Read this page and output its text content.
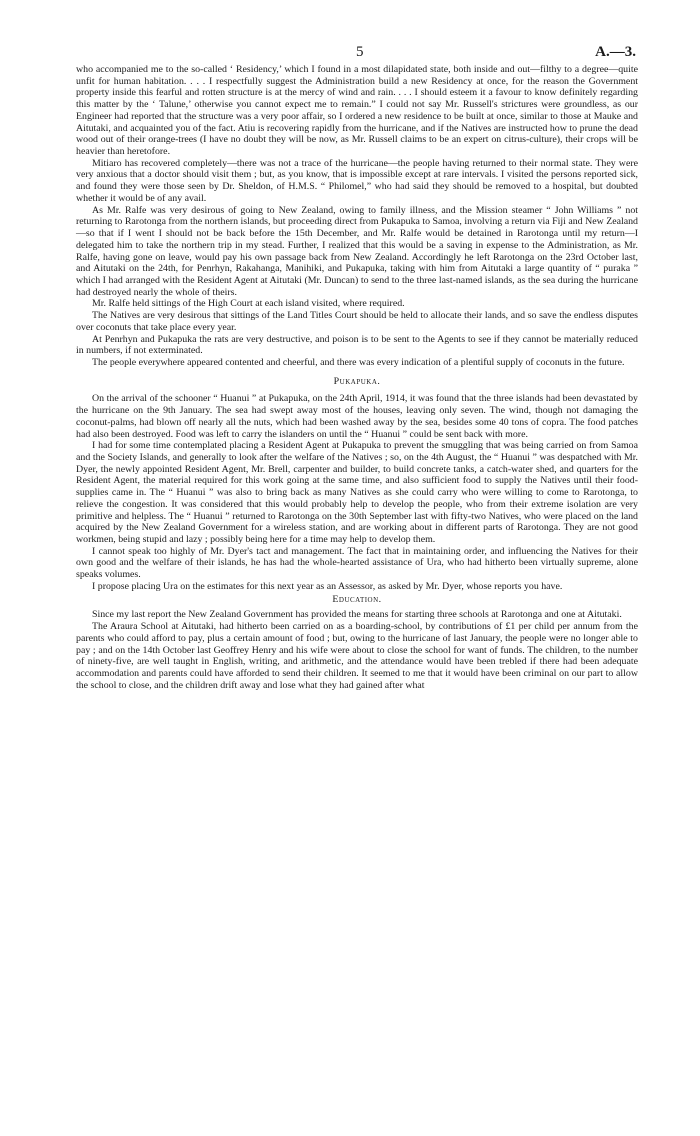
5	A.—3.

who accompanied me to the so-called ‘ Residency,’ which I found in a most dilapidated state, both inside and out—filthy to a degree—quite unfit for human habitation. . . . I respectfully suggest the Administration build a new Residency at once, for the reason the Government property inside this fearful and rotten structure is at the mercy of wind and rain. . . . I should esteem it a favour to know definitely regarding this matter by the ‘ Talune,’ otherwise you cannot expect me to remain.” I could not say Mr. Russell's strictures were groundless, as our Engineer had reported that the structure was a very poor affair, so I ordered a new residence to be built at once, similar to those at Mauke and Aitutaki, and acquainted you of the fact. Atiu is recovering rapidly from the hurricane, and if the Natives are instructed how to prune the dead wood out of their orange-trees (I have no doubt they will be now, as Mr. Russell claims to be an expert on citrus-culture), their crops will be heavier than heretofore.

Mitiaro has recovered completely—there was not a trace of the hurricane—the people having returned to their normal state. They were very anxious that a doctor should visit them ; but, as you know, that is impossible except at rare intervals. I visited the persons reported sick, and found they were those seen by Dr. Sheldon, of H.M.S. “ Philomel,” who had said they should be removed to a hospital, but doubted whether it would be of any avail.

As Mr. Ralfe was very desirous of going to New Zealand, owing to family illness, and the Mission steamer “ John Williams ” not returning to Rarotonga from the northern islands, but proceeding direct from Pukapuka to Samoa, involving a return via Fiji and New Zealand—so that if I went I should not be back before the 15th December, and Mr. Ralfe would be detained in Rarotonga until my return—I delegated him to take the northern trip in my stead. Further, I realized that this would be a saving in expense to the Administration, as Mr. Ralfe, having gone on leave, would pay his own passage back from New Zealand. Accordingly he left Rarotonga on the 23rd October last, and Aitutaki on the 24th, for Penrhyn, Rakahanga, Manihiki, and Pukapuka, taking with him from Aitutaki a large quantity of “ puraka ” which I had arranged with the Resident Agent at Aitutaki (Mr. Duncan) to send to the three last-named islands, as the sea during the hurricane had destroyed nearly the whole of theirs.

Mr. Ralfe held sittings of the High Court at each island visited, where required.

The Natives are very desirous that sittings of the Land Titles Court should be held to allocate their lands, and so save the endless disputes over coconuts that take place every year.

At Penrhyn and Pukapuka the rats are very destructive, and poison is to be sent to the Agents to see if they cannot be materially reduced in numbers, if not exterminated.

The people everywhere appeared contented and cheerful, and there was every indication of a plentiful supply of coconuts in the future.

Pukapuka.

On the arrival of the schooner “ Huanui ” at Pukapuka, on the 24th April, 1914, it was found that the three islands had been devastated by the hurricane on the 9th January. The sea had swept away most of the houses, leaving only seven. The wind, though not damaging the coconut-palms, had blown off nearly all the nuts, which had been washed away by the sea, besides some 40 tons of copra. The food patches had also been destroyed. Food was left to carry the islanders on until the “ Huanui ” could be sent back with more.

I had for some time contemplated placing a Resident Agent at Pukapuka to prevent the smuggling that was being carried on from Samoa and the Society Islands, and generally to look after the welfare of the Natives ; so, on the 4th August, the “ Huanui ” was despatched with Mr. Dyer, the newly appointed Resident Agent, Mr. Brell, carpenter and builder, to build concrete tanks, a catch-water shed, and quarters for the Resident Agent, the material required for this work going at the same time, and also sufficient food to supply the Natives until their food-supplies came in. The “ Huanui ” was also to bring back as many Natives as she could carry who were willing to come to Rarotonga, to relieve the congestion. It was considered that this would probably help to develop the people, who from their extreme isolation are very primitive and helpless. The “ Huanui ” returned to Rarotonga on the 30th September last with fifty-two Natives, who were placed on the land acquired by the New Zealand Government for a wireless station, and are working about in different parts of Rarotonga. They are not good workmen, being stupid and lazy ; possibly being here for a time may help to develop them.

I cannot speak too highly of Mr. Dyer's tact and management. The fact that in maintaining order, and influencing the Natives for their own good and the welfare of their islands, he has had the whole-hearted assistance of Ura, who had hitherto been virtually supreme, alone speaks volumes.

I propose placing Ura on the estimates for this next year as an Assessor, as asked by Mr. Dyer, whose reports you have.

Education.

Since my last report the New Zealand Government has provided the means for starting three schools at Rarotonga and one at Aitutaki.

The Araura School at Aitutaki, had hitherto been carried on as a boarding-school, by contributions of £1 per child per annum from the parents who could afford to pay, plus a certain amount of food ; but, owing to the hurricane of last January, the people were no longer able to pay ; and on the 14th October last Geoffrey Henry and his wife were about to close the school for want of funds. The children, to the number of ninety-five, are well taught in English, writing, and arithmetic, and the attendance would have been trebled if there had been adequate accommodation and parents could have afforded to send their children. It seemed to me that it would have been criminal on our part to allow the school to close, and the children drift away and lose what they had gained after what
